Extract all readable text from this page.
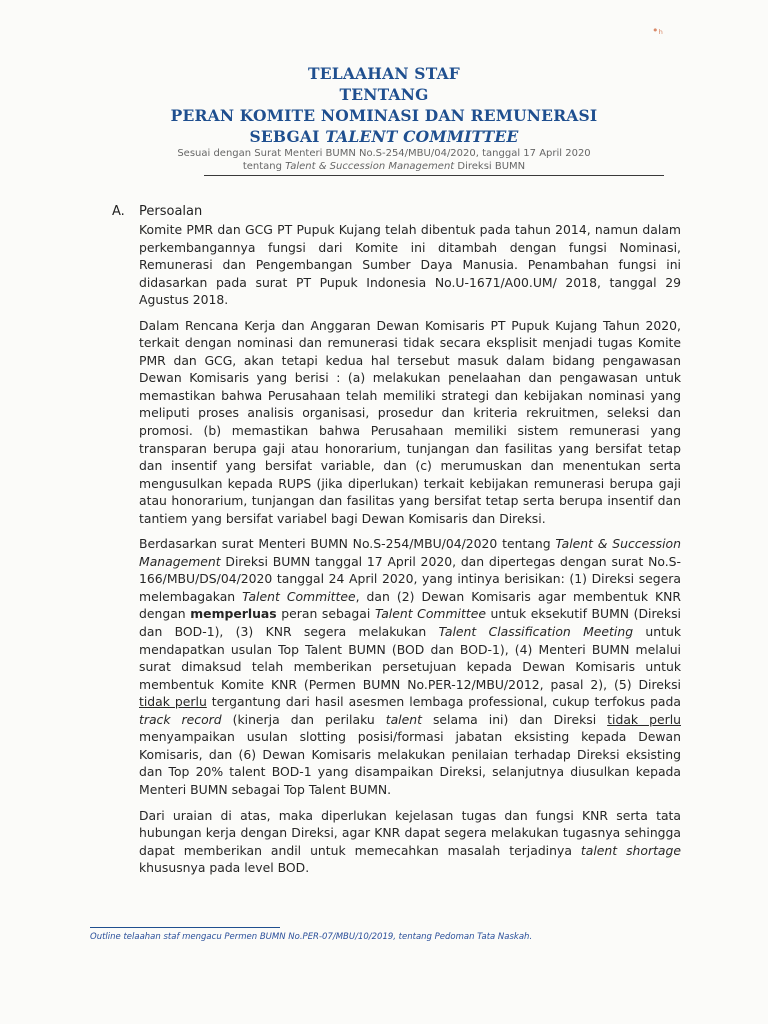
•ₕ
TELAAHAN STAF
TENTANG
PERAN KOMITE NOMINASI DAN REMUNERASI
SEBGAI TALENT COMMITTEE
Sesuai dengan Surat Menteri BUMN No.S-254/MBU/04/2020, tanggal 17 April 2020
tentang Talent & Succession Management Direksi BUMN
A. Persoalan

Komite PMR dan GCG PT Pupuk Kujang telah dibentuk pada tahun 2014, namun dalam perkembangannya fungsi dari Komite ini ditambah dengan fungsi Nominasi, Remunerasi dan Pengembangan Sumber Daya Manusia. Penambahan fungsi ini didasarkan pada surat PT Pupuk Indonesia No.U-1671/A00.UM/ 2018, tanggal 29 Agustus 2018.

Dalam Rencana Kerja dan Anggaran Dewan Komisaris PT Pupuk Kujang Tahun 2020, terkait dengan nominasi dan remunerasi tidak secara eksplisit menjadi tugas Komite PMR dan GCG, akan tetapi kedua hal tersebut masuk dalam bidang pengawasan Dewan Komisaris yang berisi : (a) melakukan penelaahan dan pengawasan untuk memastikan bahwa Perusahaan telah memiliki strategi dan kebijakan nominasi yang meliputi proses analisis organisasi, prosedur dan kriteria rekruitmen, seleksi dan promosi. (b) memastikan bahwa Perusahaan memiliki sistem remunerasi yang transparan berupa gaji atau honorarium, tunjangan dan fasilitas yang bersifat tetap dan insentif yang bersifat variable, dan (c) merumuskan dan menentukan serta mengusulkan kepada RUPS (jika diperlukan) terkait kebijakan remunerasi berupa gaji atau honorarium, tunjangan dan fasilitas yang bersifat tetap serta berupa insentif dan tantiem yang bersifat variabel bagi Dewan Komisaris dan Direksi.

Berdasarkan surat Menteri BUMN No.S-254/MBU/04/2020 tentang Talent & Succession Management Direksi BUMN tanggal 17 April 2020, dan dipertegas dengan surat No.S-166/MBU/DS/04/2020 tanggal 24 April 2020, yang intinya berisikan: (1) Direksi segera melembagakan Talent Committee, dan (2) Dewan Komisaris agar membentuk KNR dengan memperluas peran sebagai Talent Committee untuk eksekutif BUMN (Direksi dan BOD-1), (3) KNR segera melakukan Talent Classification Meeting untuk mendapatkan usulan Top Talent BUMN (BOD dan BOD-1), (4) Menteri BUMN melalui surat dimaksud telah memberikan persetujuan kepada Dewan Komisaris untuk membentuk Komite KNR (Permen BUMN No.PER-12/MBU/2012, pasal 2), (5) Direksi tidak perlu tergantung dari hasil asesmen lembaga professional, cukup terfokus pada track record (kinerja dan perilaku talent selama ini) dan Direksi tidak perlu menyampaikan usulan slotting posisi/formasi jabatan eksisting kepada Dewan Komisaris, dan (6) Dewan Komisaris melakukan penilaian terhadap Direksi eksisting dan Top 20% talent BOD-1 yang disampaikan Direksi, selanjutnya diusulkan kepada Menteri BUMN sebagai Top Talent BUMN.

Dari uraian di atas, maka diperlukan kejelasan tugas dan fungsi KNR serta tata hubungan kerja dengan Direksi, agar KNR dapat segera melakukan tugasnya sehingga dapat memberikan andil untuk memecahkan masalah terjadinya talent shortage khususnya pada level BOD.

Outline telaahan staf mengacu Permen BUMN No.PER-07/MBU/10/2019, tentang Pedoman Tata Naskah.
